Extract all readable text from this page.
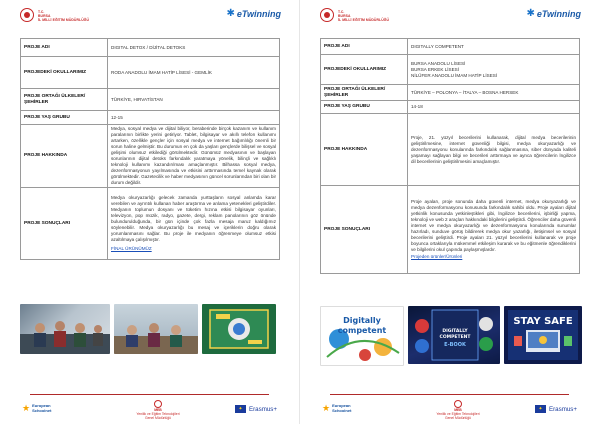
T.C.
BURSA
İL MİLLİ EĞİTİM MÜDÜRLÜĞÜ
✱ eTwinning
PROJE ADI	DIGITAL DETOX / DİJİTAL DETOKS
PROJEDEKİ OKULLARIMIZ	RODA ANADOLU İMAM HATİP LİSESİ - GEMLİK
PROJE ORTAĞI ÜLKELER/ŞEHİRLER	TÜRKİYE, HIRVATİSTAN
PROJE YAŞ GRUBU	12-15
PROJE HAKKINDA	Medya, sosyal medya ve dijital biliyor, beraberinde birçok kazanım ve kullanım paralarının birlikte yerini getiriyor. Tablet, bilgisayar ve akıllı telefon kullanımı artarken, özellikle gençler için sosyal medya ve internet bağımlılığı önemli bir sorun haline gelmiştir. Bu durumun en çok da yaşları gençlerde bilişsel ve sosyal gelişimi olumsuz etkilediği görülmektedir. Günümüz medyasının ve başlayan sorunlarının dijital detoks farkındalık yaratmaya yönelik, bilinçli ve sağlıklı teknoloji kullanımı kazandırılması amaçlanmıştır. Bilhassa sosyal medya, dezenformasyonun yayılmasında ve etkisini arttırmasında temel kaynak olarak görülmektedir. Gazetecilik ve haber medyasının güncel sorunlarından biri olan bir durum değildir.
PROJE SONUÇLARI	Medya okuryazarlığı gelecek zamanda yurttaşların sosyal anlamda karar verebilen ve ayrıntılı kullanan haber araştırma ve anlama yetenekleri geliştirdiler. Medyanın toplumun dosyanı ve tüketim hızına etkisi bilgisayar oyunları, televizyon, pop müzik, radyo, gazete, dergi, reklam panolarının göz önünde bulundurulduğunda, bir gün içinde çok fazla mesaja maruz kaldığımız söylenebilir. Medya okuryazarlığı bu mesaj ve içeriklerin doğru olarak yorumlanmasını sağlar. Bu proje ile medyanın öğrenmeye olumsuz etkisi azaltılmaya çalışılmıştır.
FİNAL ÜRÜNÜMÜZ
★ European
Schoolnet	MEB
Yenilik ve Eğitim Teknolojileri
Genel Müdürlüğü
✦	Erasmus+
T.C.
BURSA
İL MİLLİ EĞİTİM MÜDÜRLÜĞÜ
✱ eTwinning
PROJE ADI	DIGITALLY COMPETENT
PROJEDEKİ OKULLARIMIZ	BURSA ANADOLU LİSESİ
BURSA ERKEK LİSESİ
NİLÜFER ANADOLU İMAM HATİP LİSESİ
PROJE ORTAĞI ÜLKELER/ŞEHİRLER	TÜRKİYE – POLONYA – İTALYA – BOSNA HERSEK
PROJE YAŞ GRUBU	14-18
PROJE HAKKINDA	Proje, 21. yüzyıl becerilerini kullanarak, dijital medya becerilerinin geliştirilmesine, internet güvenliği bilgisi, medya okuryazarlığı ve dezenformasyonu konularında farkındalık sağlanmasına, siber dünyada kaliteli yaşamayı sağlayan bilgi ve becerileri arttırmaya ve aynca öğrencilerin İngilizce dil becerilerinin geliştirilmesini amaçlamıştır.
PROJE SONUÇLARI	Proje ayaları, proje sonunda daha güvenli internet, medya okuryazarlığı ve medya dezenformasyonu konusunda farkındalık sahibi oldu. Proje ayaları dijital yetkinlik konusunda yetkinleştikleri gibi, İngilizce becerilerini, işbirliği yapma, teknoloji ve web 2 araçları hakkındaki bilgilerini geliştirdi. Öğrenciler daha güvenli internet ve medya okuryazarlığı ve dezenformasyonu konularında sunumlar hazırladı, sunduve görüş bildirerek medya okur yazarlığı, iletişimsel ve sosyal becerilerini geliştirdi. Proje ayaları 21. yüzyıl becerilerini kullanarak ve proje boyunca ortaklarıyla mükemmel etkileşim kurarak ve bu eğitmenle öğrendiklerini ve bilgilerini okul çapında paylaşmışlardır.
Projeden ürünler/Ürünleri
Digitally
competent	DIGITALLY
COMPETENT
E-BOOK
STAY SAFE
★ European
Schoolnet	MEB
Yenilik ve Eğitim Teknolojileri
Genel Müdürlüğü
✦	Erasmus+
